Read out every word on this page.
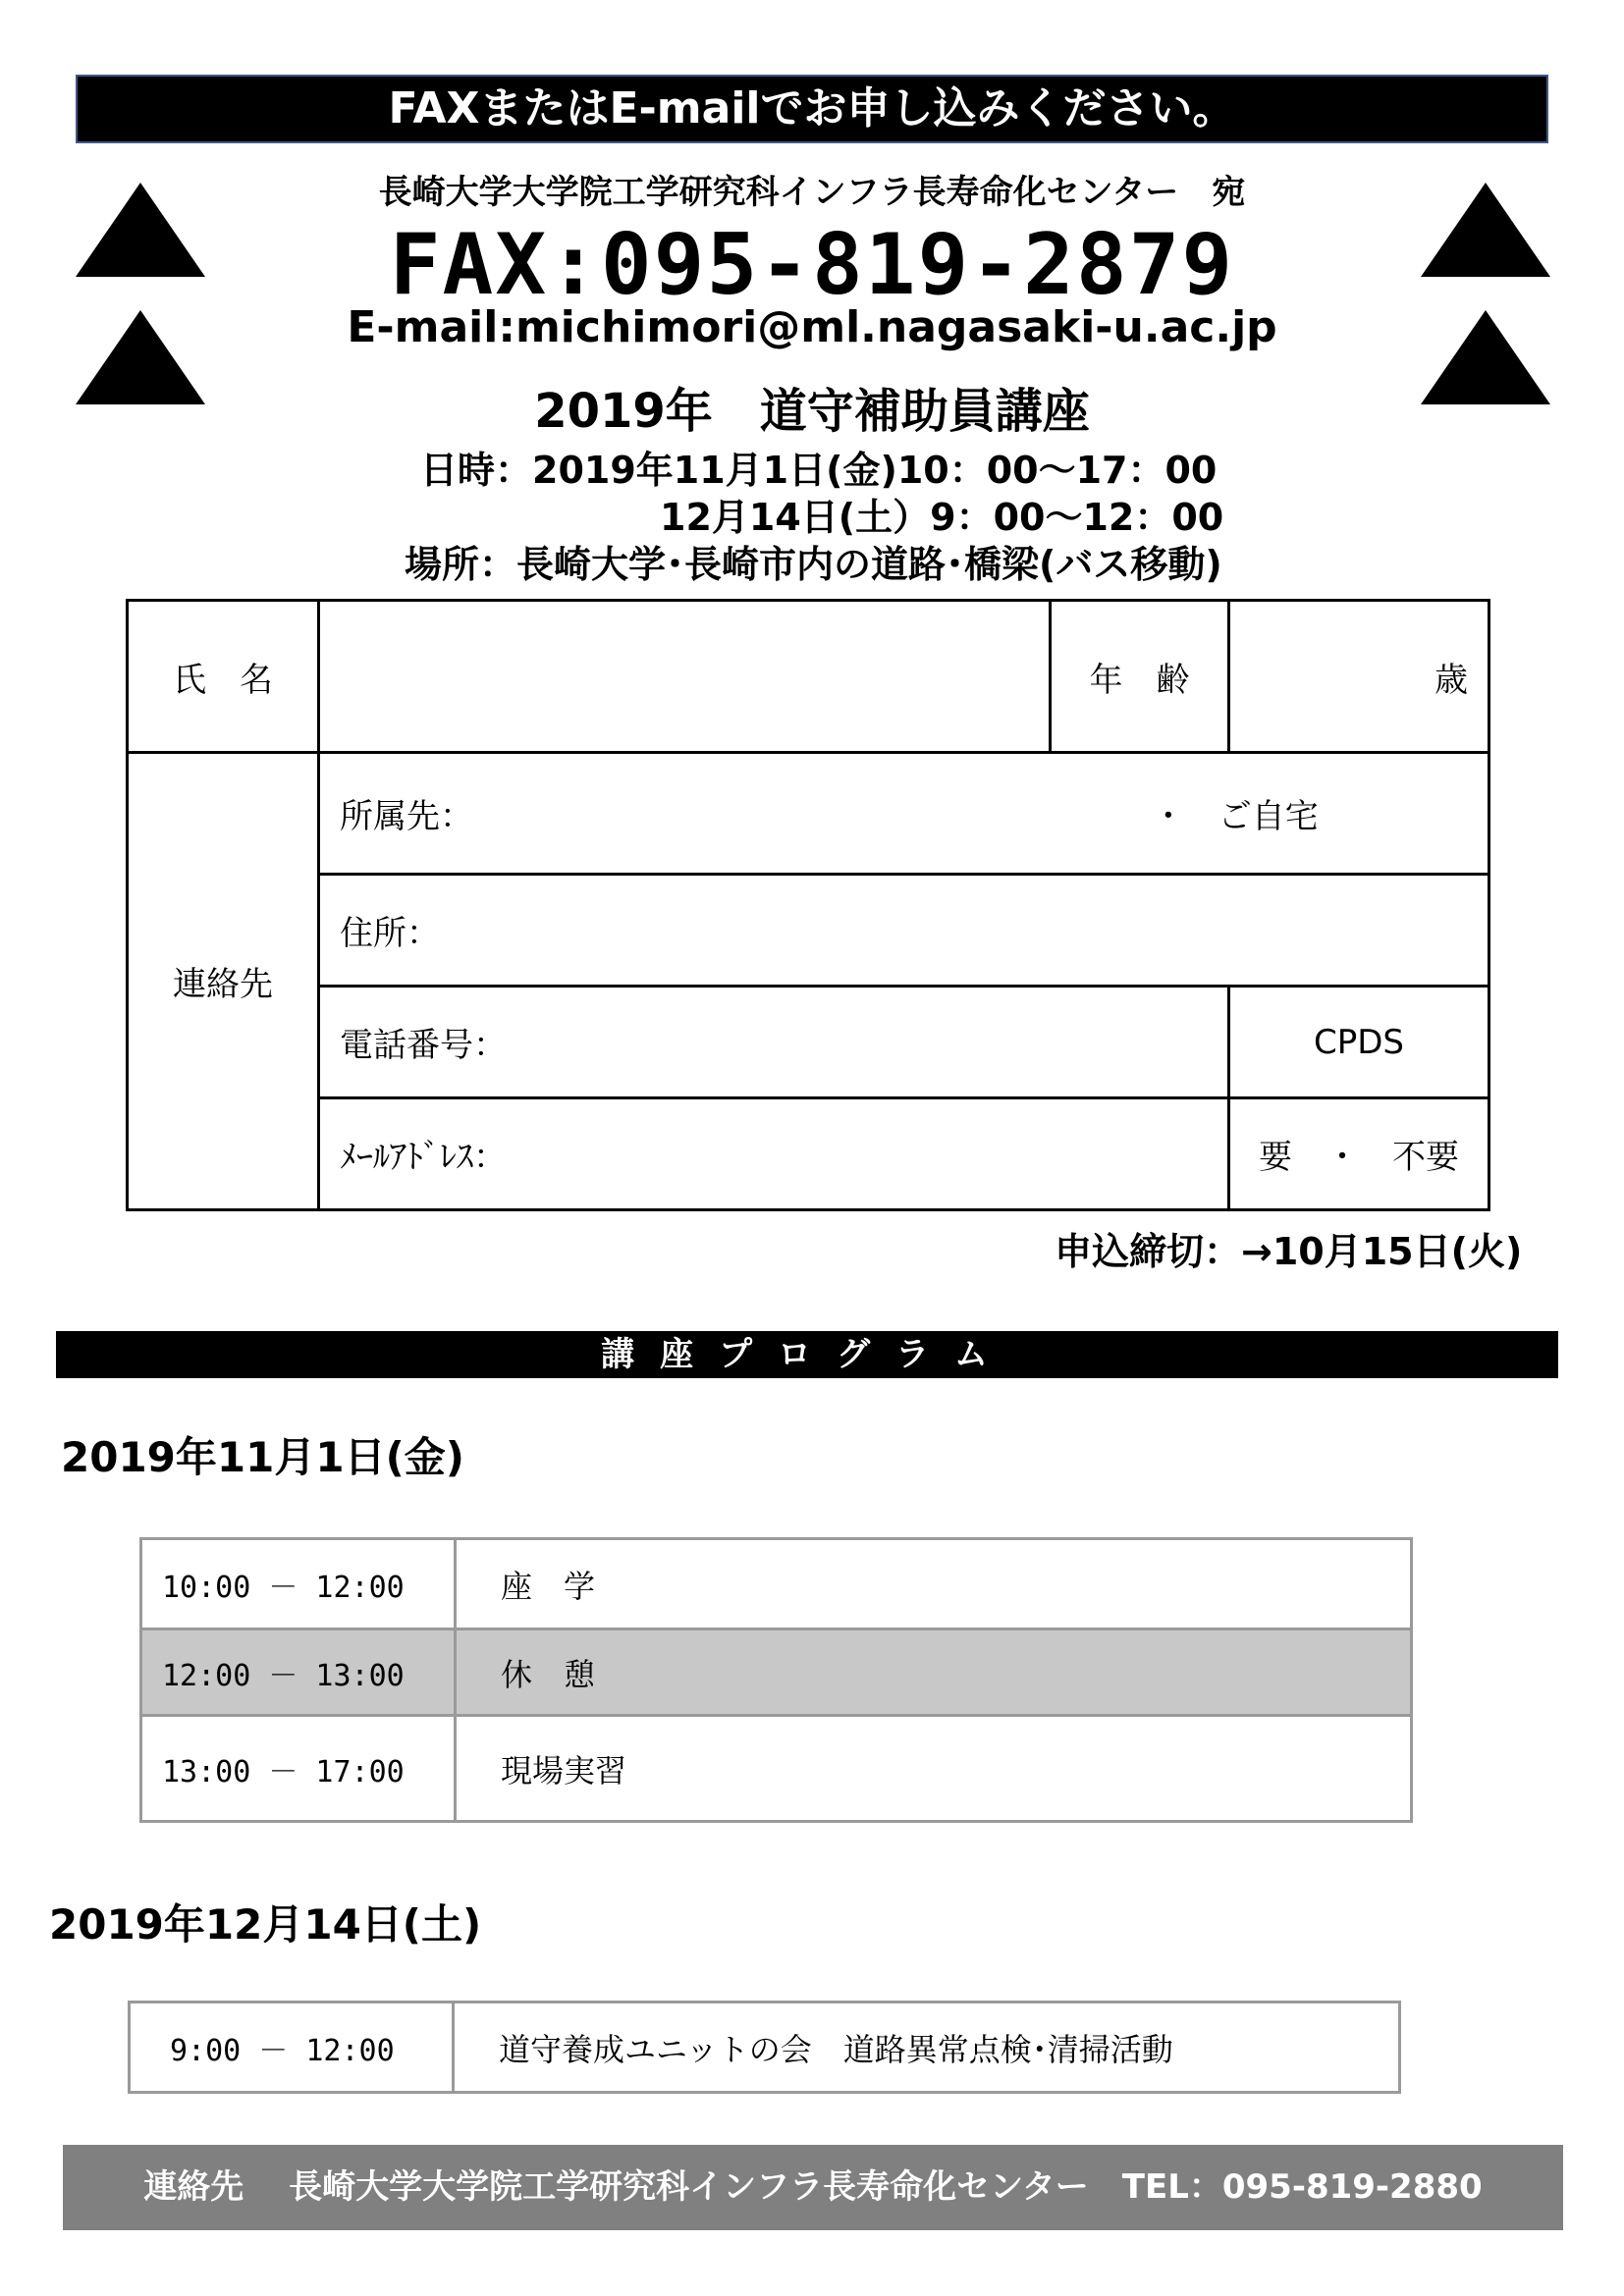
FAXまたはE-mailでお申し込みください。
長崎大学大学院工学研究科インフラ長寿命化センター　宛
FAX:095-819-2879
E-mail:michimori@ml.nagasaki-u.ac.jp
2019年　道守補助員講座
日時：2019年11月1日(金)10：00～17：00
12月14日(土）9：00～12：00
場所：長崎大学･長崎市内の道路･橋梁(バス移動)
氏　名		年　齢	歳
連絡先	所属先： ・　ご自宅		
	住所：		
	電話番号：		CPDS
	ﾒｰﾙｱﾄﾞﾚｽ：		要　・　不要
申込締切：→10月15日(火)
講座プログラム
2019年11月1日(金)
10:00 － 12:00	座　学
12:00 － 13:00	休　憩
13:00 － 17:00	現場実習
2019年12月14日(土)
9:00 － 12:00	道守養成ユニットの会　道路異常点検･清掃活動
連絡先　 長崎大学大学院工学研究科インフラ長寿命化センター　TEL：095-819-2880
